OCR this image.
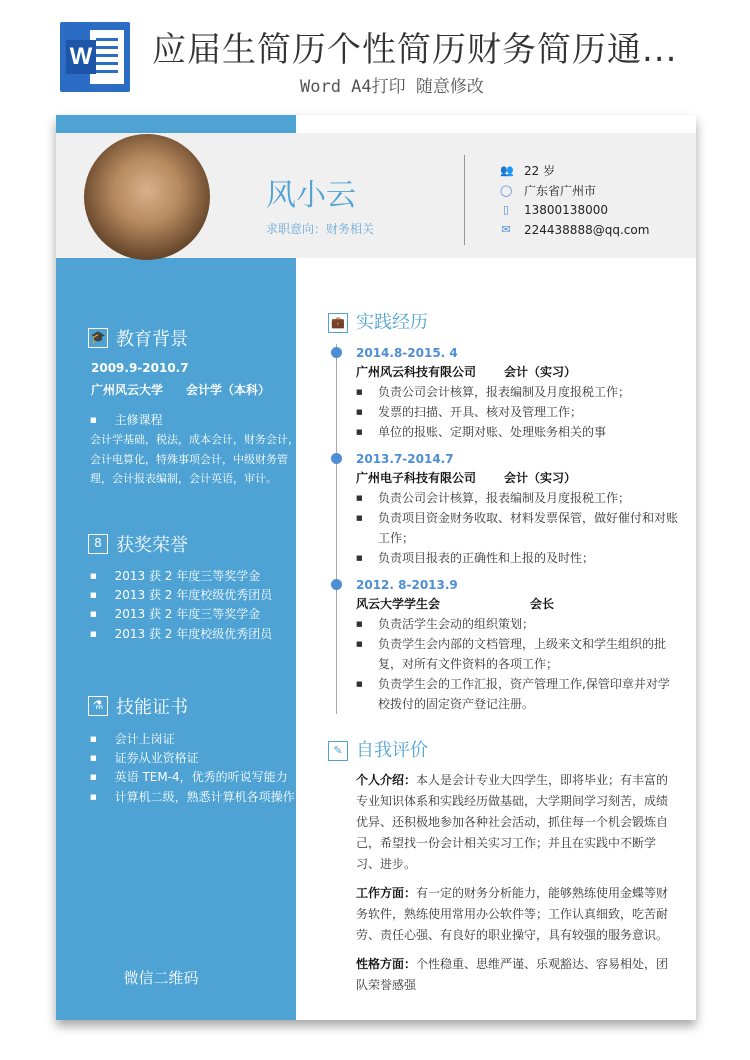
W 应届生简历个性简历财务简历通...
Word A4打印 随意修改
风小云
求职意向：财务相关
👥 22 岁
◯ 广东省广州市
▯ 13800138000
✉ 224438888@qq.com
🎓 教育背景
2009.9-2010.7
广州风云大学 会计学（本科）
■ 主修课程
会计学基础，税法，成本会计，财务会计，
会计电算化，特殊事项会计，中级财务管
理，会计报表编制，会计英语，审计。
8 获奖荣誉
■ 2013 获 2 年度三等奖学金
■ 2013 获 2 年度校级优秀团员
■ 2013 获 2 年度三等奖学金
■ 2013 获 2 年度校级优秀团员
⚗ 技能证书
■ 会计上岗证
■ 证券从业资格证
■ 英语 TEM-4，优秀的听说写能力
■ 计算机二级，熟悉计算机各项操作
微信二维码
💼 实践经历
2014.8-2015. 4
广州风云科技有限公司 会计（实习）
■	负责公司会计核算，报表编制及月度报税工作；
■	发票的扫描、开具、核对及管理工作；
■	单位的报账、定期对账、处理账务相关的事
2013.7-2014.7
广州电子科技有限公司 会计（实习）
■	负责公司会计核算，报表编制及月度报税工作；
■	负责项目资金财务收取、材料发票保管，做好催付和对账工作；
■	负责项目报表的正确性和上报的及时性；
2012. 8-2013.9
风云大学学生会	会长
■	负责活学生会动的组织策划；
■	负责学生会内部的文档管理，上级来文和学生组织的批复，对所有文件资料的各项工作；
■	负责学生会的工作汇报，资产管理工作,保管印章并对学校拨付的固定资产登记注册。
✎ 自我评价
个人介绍：本人是会计专业大四学生，即将毕业；有丰富的专业知识体系和实践经历做基础，大学期间学习刻苦，成绩优异、还积极地参加各种社会活动，抓住每一个机会锻炼自己，希望找一份会计相关实习工作；并且在实践中不断学习、进步。
工作方面：有一定的财务分析能力，能够熟练使用金蝶等财务软件，熟练使用常用办公软件等；工作认真细致，吃苦耐劳、责任心强、有良好的职业操守，具有较强的服务意识。
性格方面：个性稳重、思维严谨、乐观豁达、容易相处，团队荣誉感强
